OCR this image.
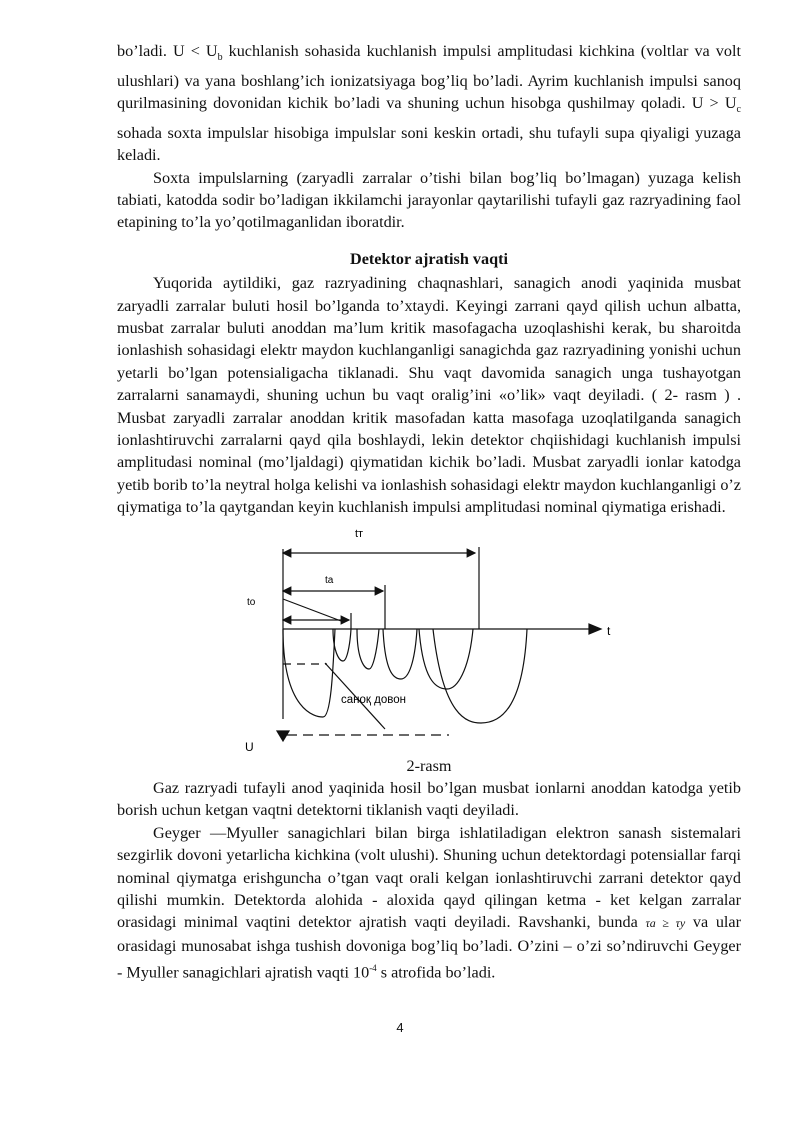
bo’ladi. $U < U_b$ kuchlanish sohasida kuchlanish impulsi amplitudasi kichkina (voltlar va volt ulushlari) va yana boshlang’ich ionizatsiyaga bog’liq bo’ladi. Ayrim kuchlanish impulsi sanoq qurilmasining dovonidan kichik bo’ladi va shuning uchun hisobga qushilmay qoladi. $U > U_c$ sohada soxta impulslar hisobiga impulslar soni keskin ortadi, shu tufayli supa qiyaligi yuzaga keladi.

Soxta impulslarning (zaryadli zarralar o’tishi bilan bog’liq bo’lmagan) yuzaga kelish tabiati, katodda sodir bo’ladigan ikkilamchi jarayonlar qaytarilishi tufayli gaz razryadining faol etapining to’la yo’qotilmaganlidan iboratdir.

Detektor ajratish vaqti

Yuqorida aytildiki, gaz razryadining chaqnashlari, sanagich anodi yaqinida musbat zaryadli zarralar buluti hosil bo’lganda to’xtaydi. Keyingi zarrani qayd qilish uchun albatta, musbat zarralar buluti anoddan ma’lum kritik masofagacha uzoqlashishi kerak, bu sharoitda ionlashish sohasidagi elektr maydon kuchlanganligi sanagichda gaz razryadining yonishi uchun yetarli bo’lgan potensialigacha tiklanadi. Shu vaqt davomida sanagich unga tushayotgan zarralarni sanamaydi, shuning uchun bu vaqt oralig’ini «o’lik» vaqt deyiladi. ( 2- rasm ) . Musbat zaryadli zarralar anoddan kritik masofadan katta masofaga uzoqlatilganda sanagich ionlashtiruvchi zarralarni qayd qila boshlaydi, lekin detektor chqiishidagi kuchlanish impulsi amplitudasi nominal (mo’ljaldagi) qiymatidan kichik bo’ladi. Musbat zaryadli ionlar katodga yetib borib to’la neytral holga kelishi va ionlashish sohasidagi elektr maydon kuchlanganligi o’z qiymatiga to’la qaytgandan keyin kuchlanish impulsi amplitudasi nominal qiymatiga erishadi.

tт
tа
tо
t
U
саноқ довон

2-rasm

Gaz razryadi tufayli anod yaqinida hosil bo’lgan musbat ionlarni anoddan katodga yetib borish uchun ketgan vaqtni detektorni tiklanish vaqti deyiladi.

Geyger —Myuller sanagichlari bilan birga ishlatiladigan elektron sanash sistemalari sezgirlik dovoni yetarlicha kichkina (volt ulushi). Shuning uchun detektordagi potensiallar farqi nominal qiymatga erishguncha o’tgan vaqt orali kelgan ionlashtiruvchi zarrani detektor qayd qilishi mumkin. Detektorda alohida - aloxida qayd qilingan ketma - ket kelgan zarralar orasidagi minimal vaqtini detektor ajratish vaqti deyiladi. Ravshanki, bunda τа ≥ τу va ular orasidagi munosabat ishga tushish dovoniga bog’liq bo’ladi. O’zini – o’zi so’ndiruvchi Geyger - Myuller sanagichlari ajratish vaqti $10^{-4}$ s atrofida bo’ladi.

4
